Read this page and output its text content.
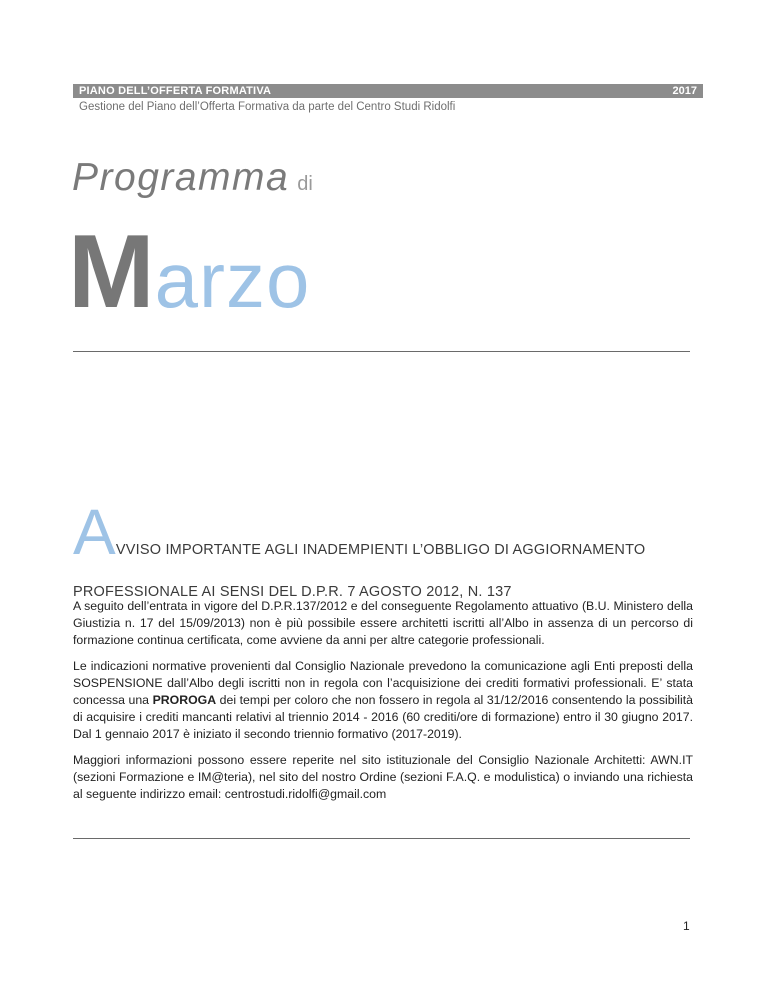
PIANO DELL’OFFERTA FORMATIVA	2017
Gestione del Piano dell’Offerta Formativa da parte del Centro Studi Ridolfi
Programma di
Marzo
AVVISO IMPORTANTE AGLI INADEMPIENTI L’OBBLIGO DI AGGIORNAMENTO
PROFESSIONALE AI SENSI DEL D.P.R. 7 AGOSTO 2012, N. 137

A seguito dell’entrata in vigore del D.P.R.137/2012 e del conseguente Regolamento attuativo (B.U. Ministero della Giustizia n. 17 del 15/09/2013) non è più possibile essere architetti iscritti all’Albo in assenza di un percorso di formazione continua certificata, come avviene da anni per altre categorie professionali.

Le indicazioni normative provenienti dal Consiglio Nazionale prevedono la comunicazione agli Enti preposti della SOSPENSIONE dall’Albo degli iscritti non in regola con l’acquisizione dei crediti formativi professionali. E’ stata concessa una PROROGA dei tempi per coloro che non fossero in regola al 31/12/2016 consentendo la possibilità di acquisire i crediti mancanti relativi al triennio 2014 - 2016 (60 crediti/ore di formazione) entro il 30 giugno 2017. Dal 1 gennaio 2017 è iniziato il secondo triennio formativo (2017-2019).

Maggiori informazioni possono essere reperite nel sito istituzionale del Consiglio Nazionale Architetti: AWN.IT (sezioni Formazione e IM@teria), nel sito del nostro Ordine (sezioni F.A.Q. e modulistica) o inviando una richiesta al seguente indirizzo email: centrostudi.ridolfi@gmail.com

1
